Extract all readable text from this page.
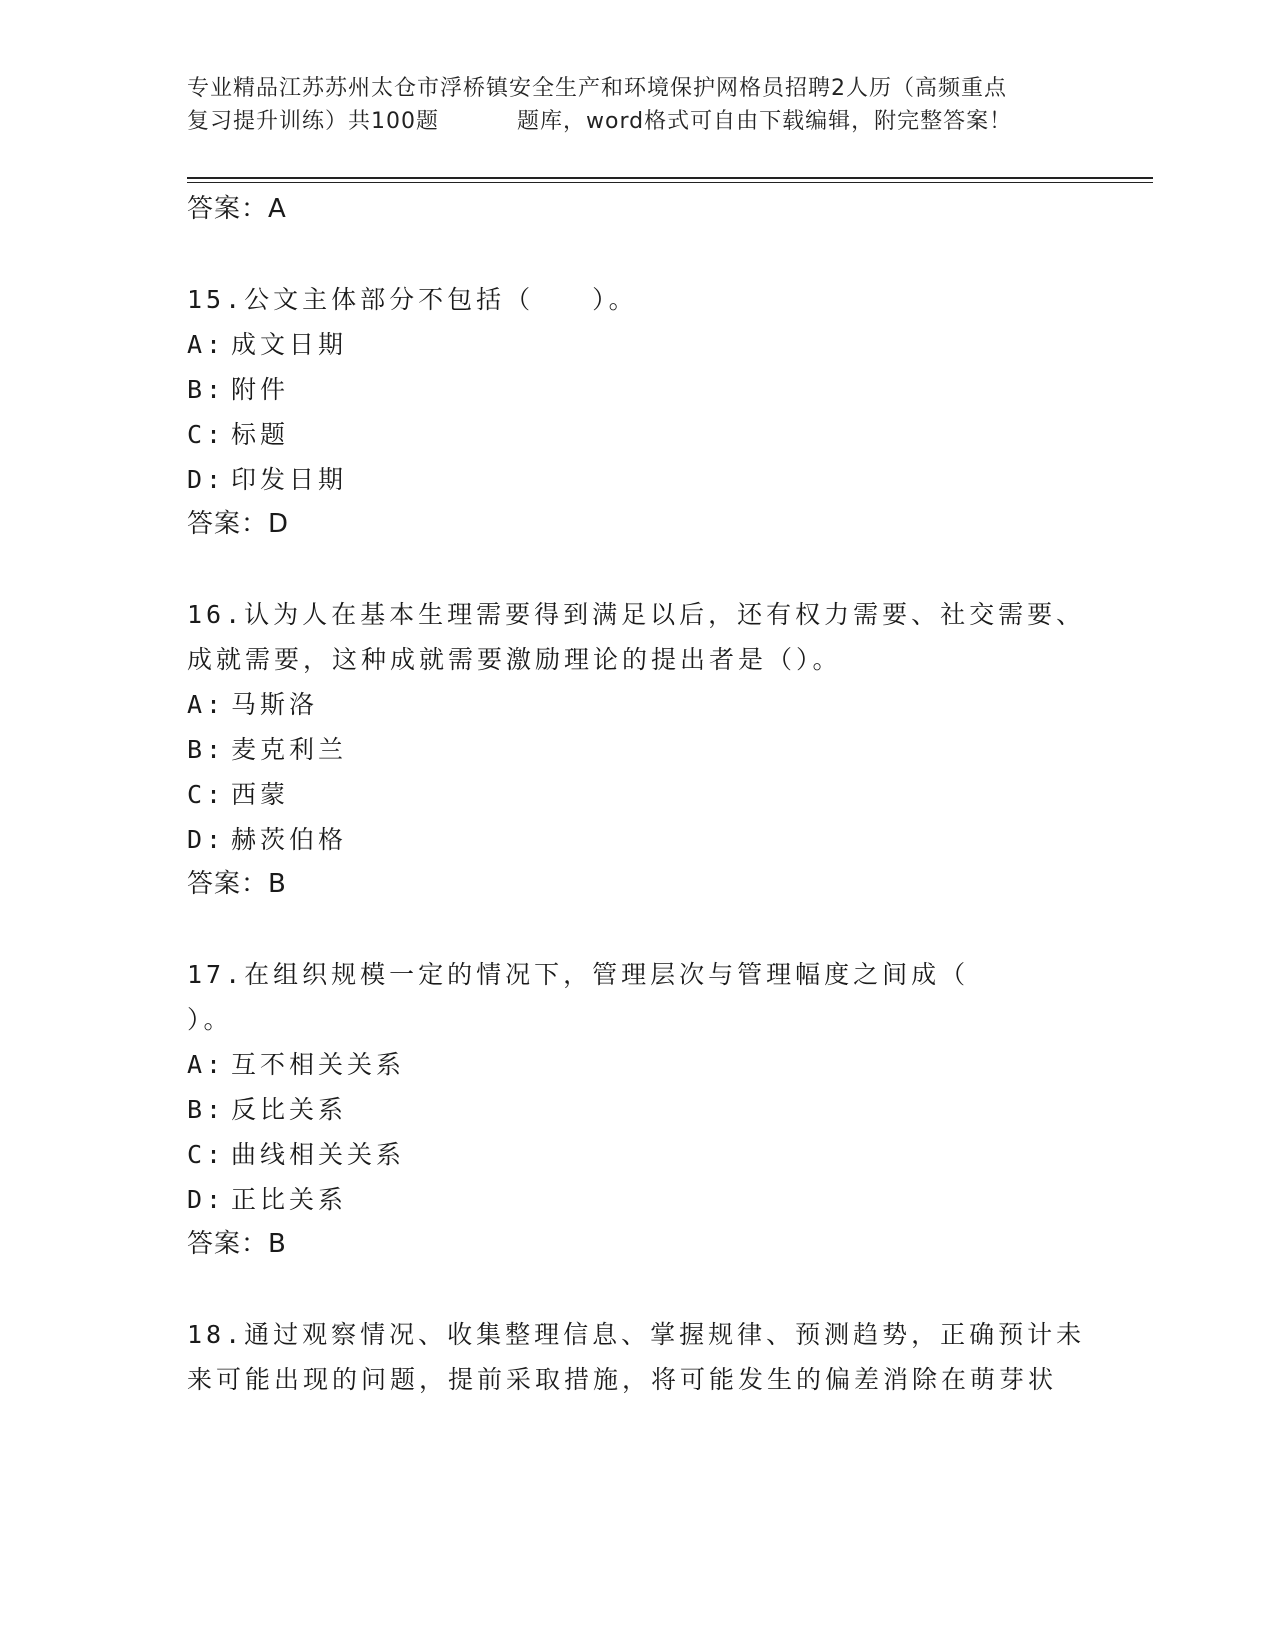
专业精品江苏苏州太仓市浮桥镇安全生产和环境保护网格员招聘2人历（高频重点
复习提升训练）共100题	题库，word格式可自由下载编辑，附完整答案！
答案：A
15.公文主体部分不包括（　　）。
A: 成文日期
B: 附件
C: 标题
D: 印发日期
答案：D
16.认为人在基本生理需要得到满足以后，还有权力需要、社交需要、
成就需要，这种成就需要激励理论的提出者是（）。
A: 马斯洛
B: 麦克利兰
C: 西蒙
D: 赫茨伯格
答案：B
17.在组织规模一定的情况下，管理层次与管理幅度之间成（
）。
A: 互不相关关系
B: 反比关系
C: 曲线相关关系
D: 正比关系
答案：B
18.通过观察情况、收集整理信息、掌握规律、预测趋势，正确预计未
来可能出现的问题，提前采取措施，将可能发生的偏差消除在萌芽状
